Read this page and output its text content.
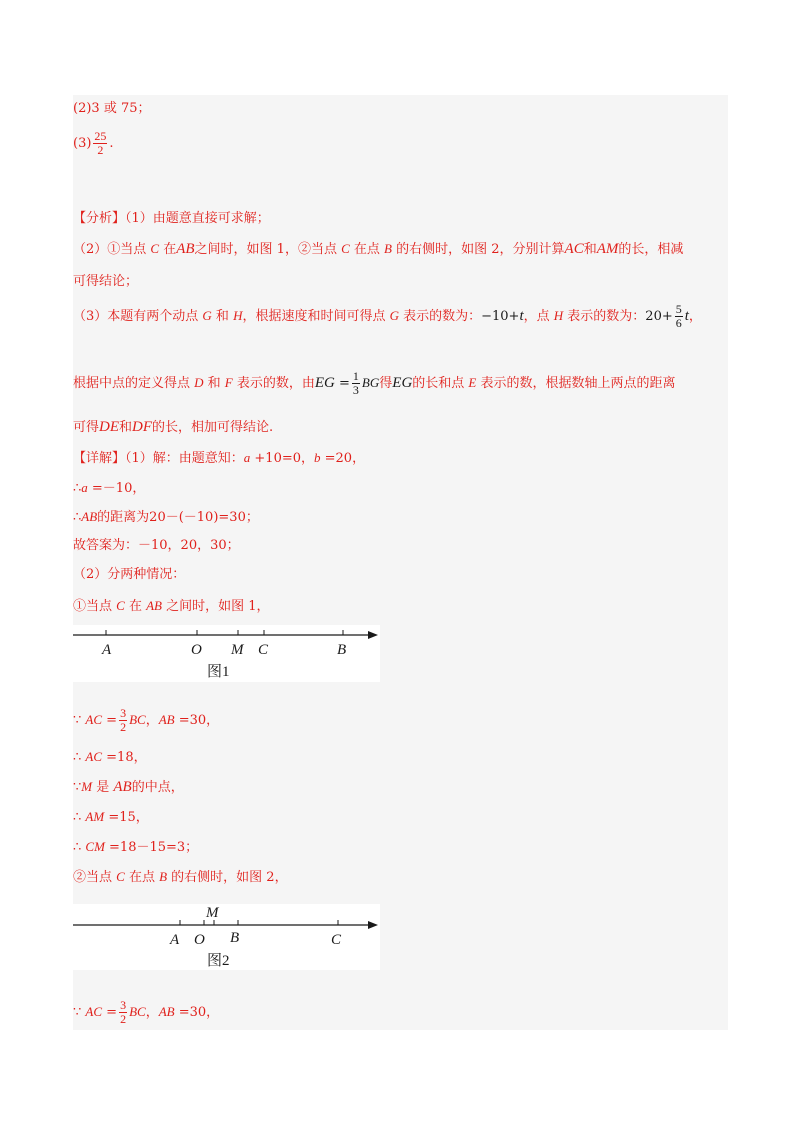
(2)3 或 75；
$(3) \frac{25}{2}$ .
【分析】（1）由题意直接可求解；
（2）①当点 C 在AB之间时，如图 1，②当点 C 在点 B 的右侧时，如图 2，分别计算AC和AM的长，相减
可得结论；
（3）本题有两个动点 G 和 H，根据速度和时间可得点 G 表示的数为：−10+t，点 H 表示的数为：$20+ \frac{5}{6}$ t，
根据中点的定义得点 D 和 F 表示的数，由EG = $\frac{1}{3}$ BG得EG的长和点 E 表示的数，根据数轴上两点的距离
可得DE和DF的长，相加可得结论.
【详解】（1）解：由题意知：a +10=0，b =20，
∴a =－10，
∴AB的距离为20－(－10)=30；
故答案为：－10，20，30；
（2）分两种情况：
①当点 C 在 AB 之间时，如图 1，
A	O M C	B
图1
∵ AC = $\frac{3}{2}$ BC，AB =30，
∴ AC =18，
∵M 是 AB的中点，
∴ AM =15，
∴ CM =18－15=3；
②当点 C 在点 B 的右侧时，如图 2，
A O
M
B	C
图2
∵ AC = $\frac{3}{2}$ BC，AB =30，
